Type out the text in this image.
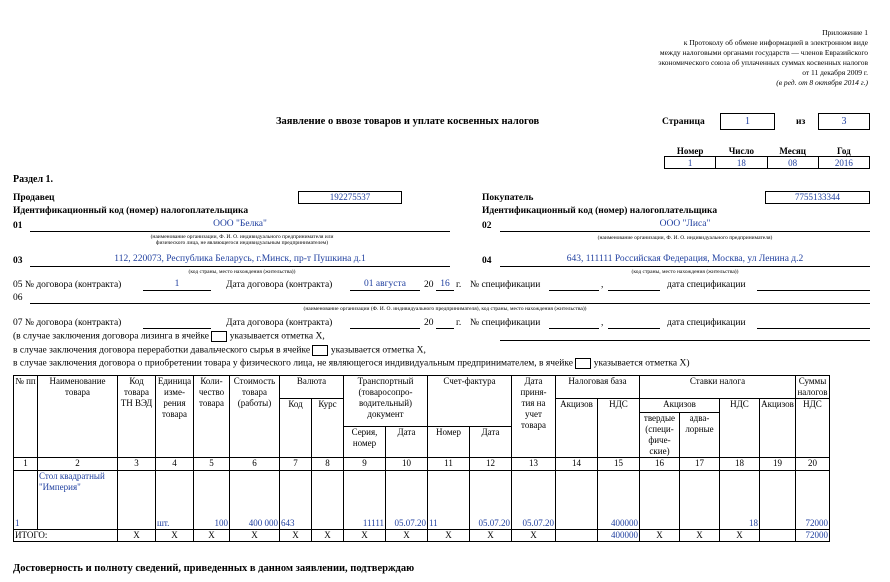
Приложение 1
к Протоколу об обмене информацией в электронном виде
между налоговыми органами государств — членов Евразийского
экономического союза об уплаченных суммах косвенных налогов
от 11 декабря 2009 г.
(в ред. от 8 октября 2014 г.)
Заявление о ввозе товаров и уплате косвенных налогов	Страница	1	из	3
Номер	Число	Месяц	Год
1	18	08	2016
Раздел 1.
Продавец	192275537
Идентификационный код (номер) налогоплательщика
01	ООО "Белка"
(наименование организации, Ф. И. О. индивидуального предпринимателя или
физического лица, не являющегося индивидуальным предпринимателем)
03	112, 220073, Республика Беларусь, г.Минск, пр-т Пушкина д.1
(код страны, место нахождения (жительства))
Покупатель	7755133344
Идентификационный код (номер) налогоплательщика
02	ООО "Лиса"
(наименование организации, Ф. И. О. индивидуального предпринимателя)
04	643, 111111 Российская Федерация, Москва, ул Ленина д.2
(код страны, место нахождения (жительства))
05 № договора (контракта)	1	Дата договора (контракта)	01 августа	20 16 г. № спецификации	,	дата спецификации
06
(наименование организации (Ф. И. О. индивидуального предпринимателя), код страны, место нахождения (жительства))
07 № договора (контракта)	Дата договора (контракта)	20 г. № спецификации	,	дата спецификации
(в случае заключения договора лизинга в ячейке указывается отметка Х,
в случае заключения договора переработки давальческого сырья в ячейке указывается отметка Х,
в случае заключения договора о приобретении товара у физического лица, не являющегося индивидуальным предпринимателем, в ячейке указывается отметка Х)
№ пп	Наименование товара	Код товара ТН ВЭД	Единица изме- рения товара	Коли- чество товара	Стоимость товара (работы)	Валюта		Транспортный (товаросопро- водительный) документ		Счет-фактура		Дата приня- тия на учет товара	Налоговая база		Ставки налога				Суммы налогов
						Код	Курс						Акцизов	НДС	Акцизов		НДС	Акцизов	НДС
															твердые (специ- фиче- ские)	адва- лорные			
								Серия, номер	Дата	Номер	Дата								
1	2	3	4	5	6	7	8	9	10	11	12	13	14	15	16	17	18	19	20
1	Стол квадратный "Империя"		шт.	100	400 000	643		11111	05.07.20	11	05.07.20	05.07.20		400000			18		72000
ИТОГО:		X	X	X	X	X	X	X	X	X	X	X		400000	X	X	X		72000
Достоверность и полноту сведений, приведенных в данном заявлении, подтверждаю
